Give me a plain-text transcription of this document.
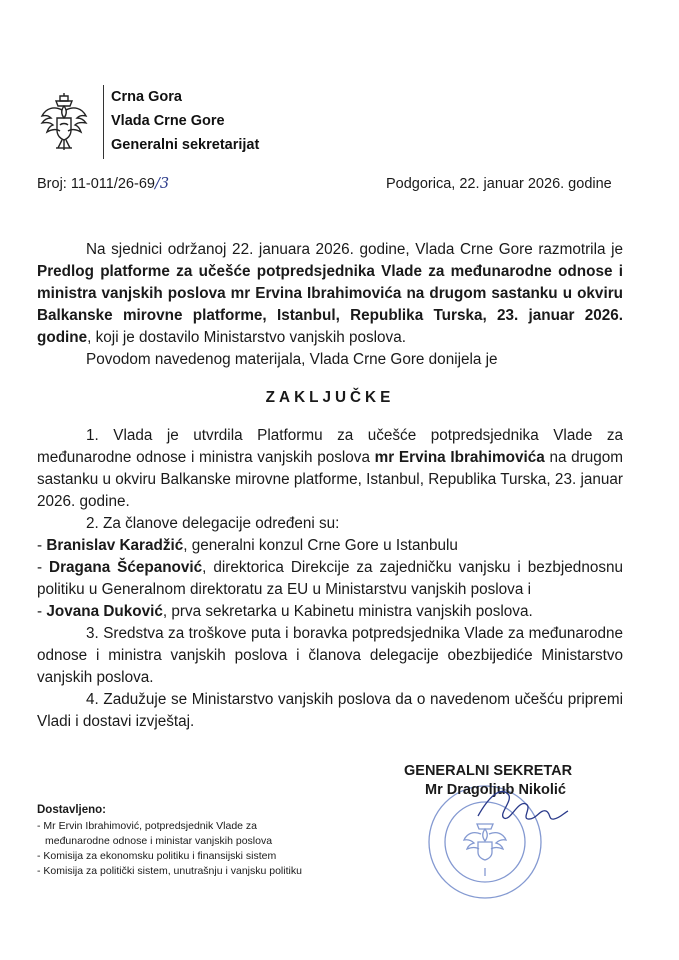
Crna Gora
Vlada Crne Gore
Generalni sekretarijat
Broj: 11-011/26-69/3	Podgorica, 22. januar 2026. godine

Na sjednici održanoj 22. januara 2026. godine, Vlada Crne Gore razmotrila je Predlog platforme za učešće potpredsjednika Vlade za međunarodne odnose i ministra vanjskih poslova mr Ervina Ibrahimovića na drugom sastanku u okviru Balkanske mirovne platforme, Istanbul, Republika Turska, 23. januar 2026. godine, koji je dostavilo Ministarstvo vanjskih poslova.

Povodom navedenog materijala, Vlada Crne Gore donijela je

ZAKLJUČKE

1. Vlada je utvrdila Platformu za učešće potpredsjednika Vlade za međunarodne odnose i ministra vanjskih poslova mr Ervina Ibrahimovića na drugom sastanku u okviru Balkanske mirovne platforme, Istanbul, Republika Turska, 23. januar 2026. godine.

2. Za članove delegacije određeni su:

- Branislav Karadžić, generalni konzul Crne Gore u Istanbulu

- Dragana Šćepanović, direktorica Direkcije za zajedničku vanjsku i bezbjednosnu politiku u Generalnom direktoratu za EU u Ministarstvu vanjskih poslova i

- Jovana Duković, prva sekretarka u Kabinetu ministra vanjskih poslova.

3. Sredstva za troškove puta i boravka potpredsjednika Vlade za međunarodne odnose i ministra vanjskih poslova i članova delegacije obezbijediće Ministarstvo vanjskih poslova.

4. Zadužuje se Ministarstvo vanjskih poslova da o navedenom učešću pripremi Vladi i dostavi izvještaj.

GENERALNI SEKRETAR
Mr Dragoljub Nikolić
Dostavljeno:
- Mr Ervin Ibrahimović, potpredsjednik Vlade za
međunarodne odnose i ministar vanjskih poslova
- Komisija za ekonomsku politiku i finansijski sistem
- Komisija za politički sistem, unutrašnju i vanjsku politiku
